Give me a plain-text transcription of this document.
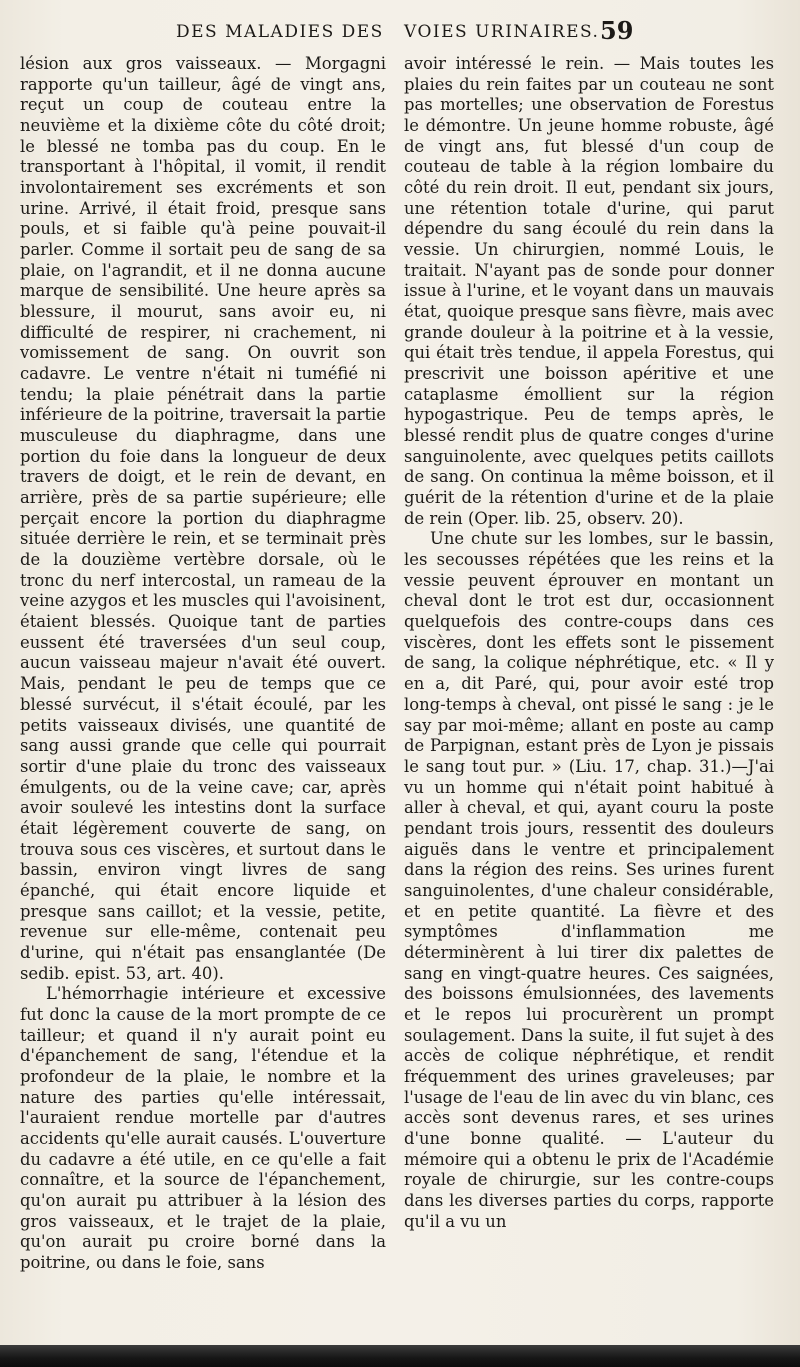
DES MALADIES DES VOIES URINAIRES. 59

lésion aux gros vaisseaux. — Morgagni rapporte qu'un tailleur, âgé de vingt ans, reçut un coup de couteau entre la neuvième et la dixième côte du côté droit; le blessé ne tomba pas du coup. En le transportant à l'hôpital, il vomit, il rendit involontairement ses excréments et son urine. Arrivé, il était froid, presque sans pouls, et si faible qu'à peine pouvait-il parler. Comme il sortait peu de sang de sa plaie, on l'agrandit, et il ne donna aucune marque de sensibilité. Une heure après sa blessure, il mourut, sans avoir eu, ni difficulté de respirer, ni crachement, ni vomissement de sang. On ouvrit son cadavre. Le ventre n'était ni tuméfié ni tendu; la plaie pénétrait dans la partie inférieure de la poitrine, traversait la partie musculeuse du diaphragme, dans une portion du foie dans la longueur de deux travers de doigt, et le rein de devant, en arrière, près de sa partie supérieure; elle perçait encore la portion du diaphragme située derrière le rein, et se terminait près de la douzième vertèbre dorsale, où le tronc du nerf intercostal, un rameau de la veine azygos et les muscles qui l'avoisinent, étaient blessés. Quoique tant de parties eussent été traversées d'un seul coup, aucun vaisseau majeur n'avait été ouvert. Mais, pendant le peu de temps que ce blessé survécut, il s'était écoulé, par les petits vaisseaux divisés, une quantité de sang aussi grande que celle qui pourrait sortir d'une plaie du tronc des vaisseaux émulgents, ou de la veine cave; car, après avoir soulevé les intestins dont la surface était légèrement couverte de sang, on trouva sous ces viscères, et surtout dans le bassin, environ vingt livres de sang épanché, qui était encore liquide et presque sans caillot; et la vessie, petite, revenue sur elle-même, contenait peu d'urine, qui n'était pas ensanglantée (De sedib. epist. 53, art. 40).

L'hémorrhagie intérieure et excessive fut donc la cause de la mort prompte de ce tailleur; et quand il n'y aurait point eu d'épanchement de sang, l'étendue et la profondeur de la plaie, le nombre et la nature des parties qu'elle intéressait, l'auraient rendue mortelle par d'autres accidents qu'elle aurait causés. L'ouverture du cadavre a été utile, en ce qu'elle a fait connaître, et la source de l'épanchement, qu'on aurait pu attribuer à la lésion des gros vaisseaux, et le trajet de la plaie, qu'on aurait pu croire borné dans la poitrine, ou dans le foie, sans

avoir intéressé le rein. — Mais toutes les plaies du rein faites par un couteau ne sont pas mortelles; une observation de Forestus le démontre. Un jeune homme robuste, âgé de vingt ans, fut blessé d'un coup de couteau de table à la région lombaire du côté du rein droit. Il eut, pendant six jours, une rétention totale d'urine, qui parut dépendre du sang écoulé du rein dans la vessie. Un chirurgien, nommé Louis, le traitait. N'ayant pas de sonde pour donner issue à l'urine, et le voyant dans un mauvais état, quoique presque sans fièvre, mais avec grande douleur à la poitrine et à la vessie, qui était très tendue, il appela Forestus, qui prescrivit une boisson apéritive et une cataplasme émollient sur la région hypogastrique. Peu de temps après, le blessé rendit plus de quatre conges d'urine sanguinolente, avec quelques petits caillots de sang. On continua la même boisson, et il guérit de la rétention d'urine et de la plaie de rein (Oper. lib. 25, observ. 20).

Une chute sur les lombes, sur le bassin, les secousses répétées que les reins et la vessie peuvent éprouver en montant un cheval dont le trot est dur, occasionnent quelquefois des contre-coups dans ces viscères, dont les effets sont le pissement de sang, la colique néphrétique, etc. « Il y en a, dit Paré, qui, pour avoir esté trop long-temps à cheval, ont pissé le sang : je le say par moi-même; allant en poste au camp de Parpignan, estant près de Lyon je pissais le sang tout pur. » (Liu. 17, chap. 31.)—J'ai vu un homme qui n'était point habitué à aller à cheval, et qui, ayant couru la poste pendant trois jours, ressentit des douleurs aiguës dans le ventre et principalement dans la région des reins. Ses urines furent sanguinolentes, d'une chaleur considérable, et en petite quantité. La fièvre et des symptômes d'inflammation me déterminèrent à lui tirer dix palettes de sang en vingt-quatre heures. Ces saignées, des boissons émulsionnées, des lavements et le repos lui procurèrent un prompt soulagement. Dans la suite, il fut sujet à des accès de colique néphrétique, et rendit fréquemment des urines graveleuses; par l'usage de l'eau de lin avec du vin blanc, ces accès sont devenus rares, et ses urines d'une bonne qualité. — L'auteur du mémoire qui a obtenu le prix de l'Académie royale de chirurgie, sur les contre-coups dans les diverses parties du corps, rapporte qu'il a vu un
